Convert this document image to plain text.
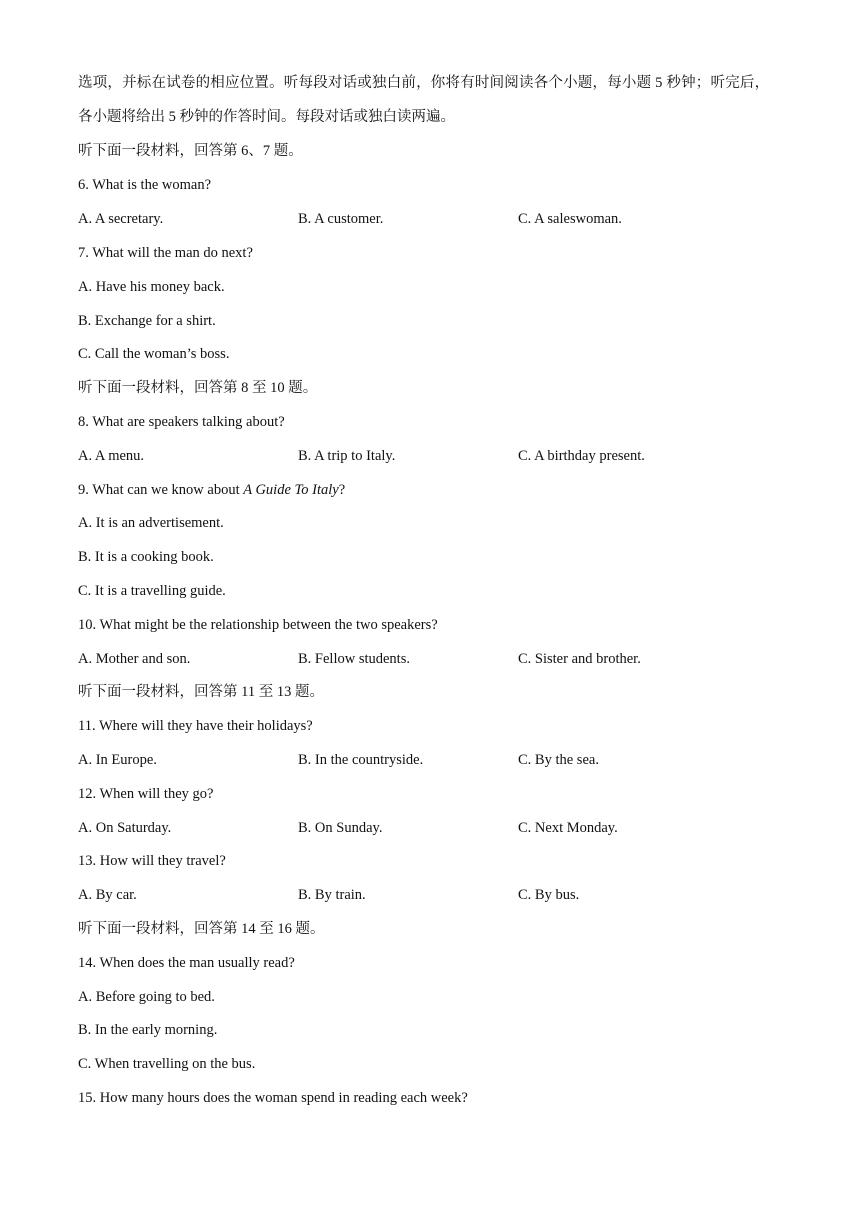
选项，并标在试卷的相应位置。听每段对话或独白前，你将有时间阅读各个小题，每小题 5 秒钟；听完后，
各小题将给出 5 秒钟的作答时间。每段对话或独白读两遍。
听下面一段材料，回答第 6、7 题。
6. What is the woman?
A. A secretary.	B. A customer.	C. A saleswoman.
7. What will the man do next?
A. Have his money back.
B. Exchange for a shirt.
C. Call the woman’s boss.
听下面一段材料，回答第 8 至 10 题。
8. What are speakers talking about?
A. A menu.	B. A trip to Italy.	C. A birthday present.
9. What can we know about A Guide To Italy?
A. It is an advertisement.
B. It is a cooking book.
C. It is a travelling guide.
10. What might be the relationship between the two speakers?
A. Mother and son.	B. Fellow students.	C. Sister and brother.
听下面一段材料，回答第 11 至 13 题。
11. Where will they have their holidays?
A. In Europe.	B. In the countryside.	C. By the sea.
12. When will they go?
A. On Saturday.	B. On Sunday.	C. Next Monday.
13. How will they travel?
A. By car.	B. By train.	C. By bus.
听下面一段材料，回答第 14 至 16 题。
14. When does the man usually read?
A. Before going to bed.
B. In the early morning.
C. When travelling on the bus.
15. How many hours does the woman spend in reading each week?
